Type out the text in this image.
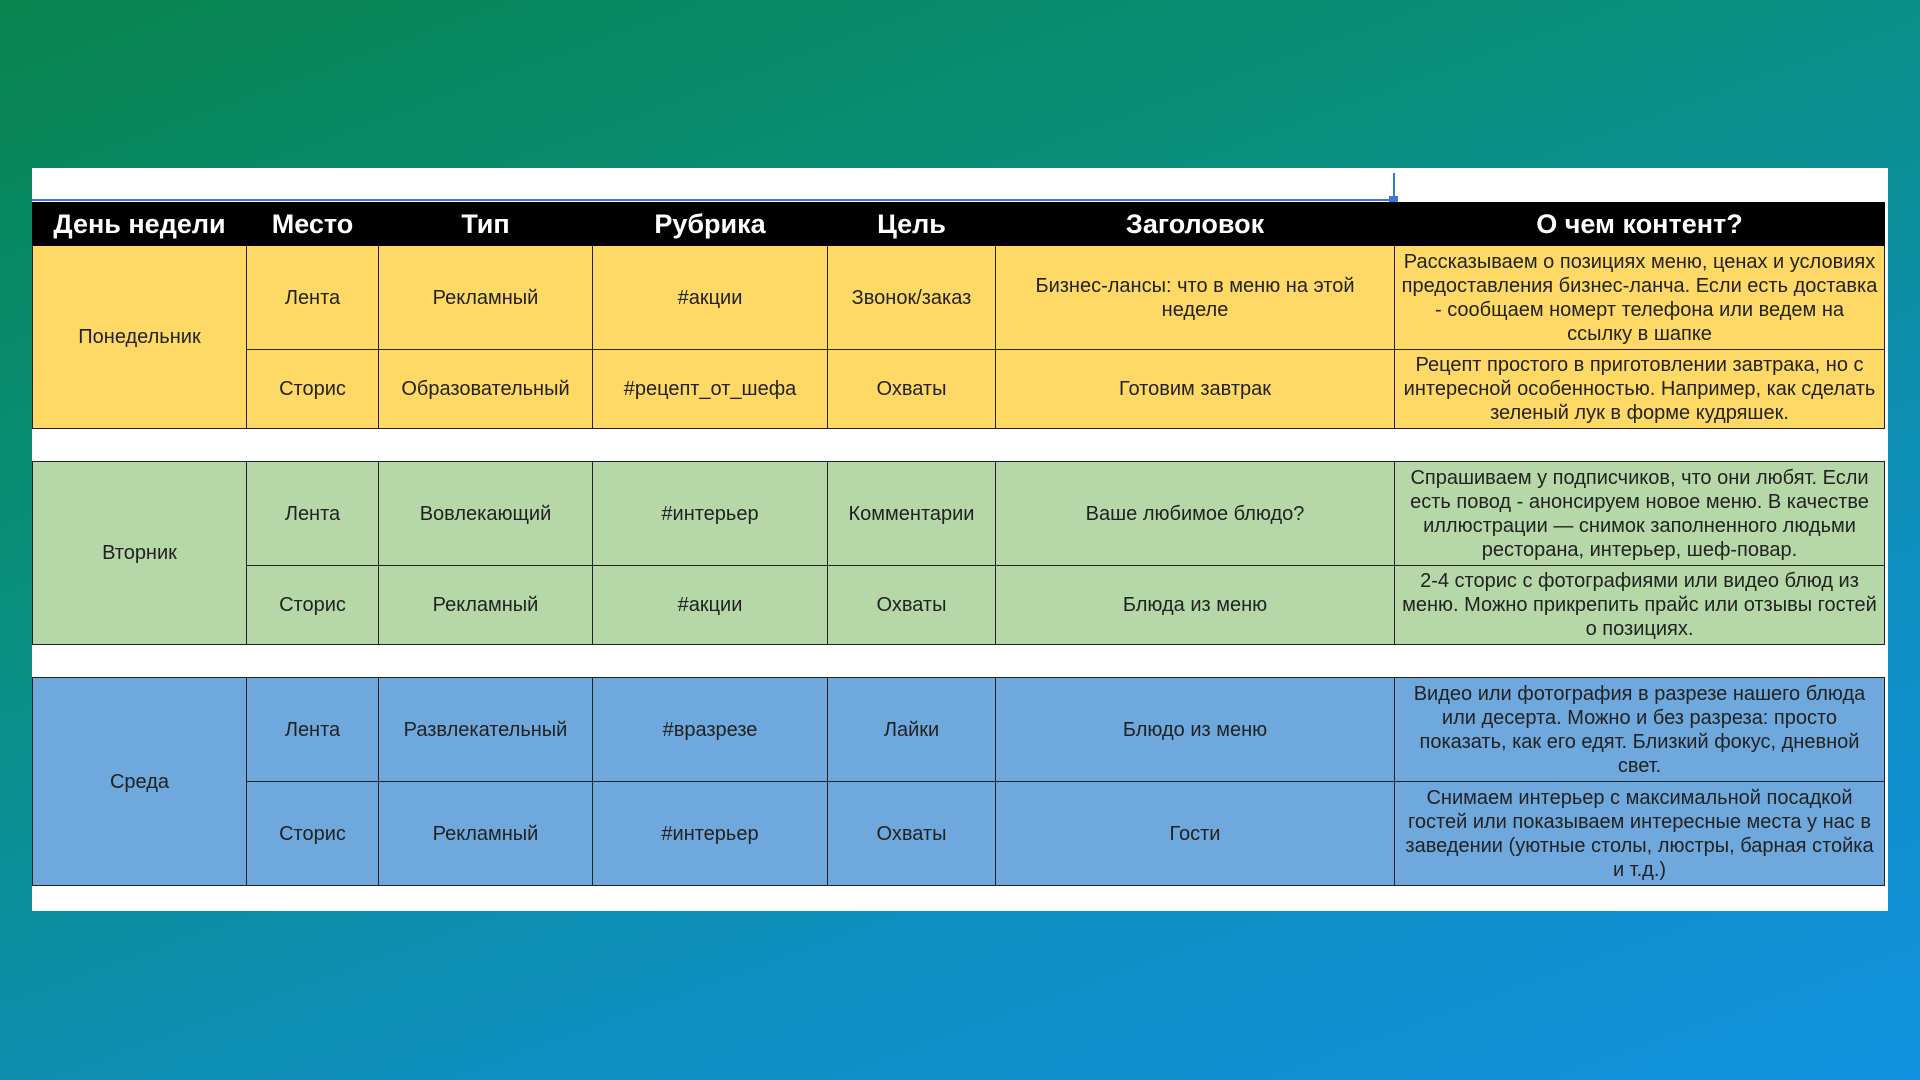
День недели	Место	Тип	Рубрика	Цель	Заголовок	О чем контент?
Понедельник	Лента	Рекламный	#акции	Звонок/заказ	Бизнес-лансы: что в меню на этой неделе	Рассказываем о позициях меню, ценах и условиях предоставления бизнес-ланча. Если есть доставка - сообщаем номерт телефона или ведем на ссылку в шапке
	Сторис	Образовательный	#рецепт_от_шефа	Охваты	Готовим завтрак	Рецепт простого в приготовлении завтрака, но с интересной особенностью. Например, как сделать зеленый лук в форме кудряшек.

Вторник	Лента	Вовлекающий	#интерьер	Комментарии	Ваше любимое блюдо?	Спрашиваем у подписчиков, что они любят. Если есть повод - анонсируем новое меню. В качестве иллюстрации — снимок заполненного людьми ресторана, интерьер, шеф-повар.
	Сторис	Рекламный	#акции	Охваты	Блюда из меню	2-4 сторис с фотографиями или видео блюд из меню. Можно прикрепить прайс или отзывы гостей о позициях.

Среда	Лента	Развлекательный	#вразрезе	Лайки	Блюдо из меню	Видео или фотография в разрезе нашего блюда или десерта. Можно и без разреза: просто показать, как его едят. Близкий фокус, дневной свет.
	Сторис	Рекламный	#интерьер	Охваты	Гости	Снимаем интерьер с максимальной посадкой гостей или показываем интересные места у нас в заведении (уютные столы, люстры, барная стойка и т.д.)
